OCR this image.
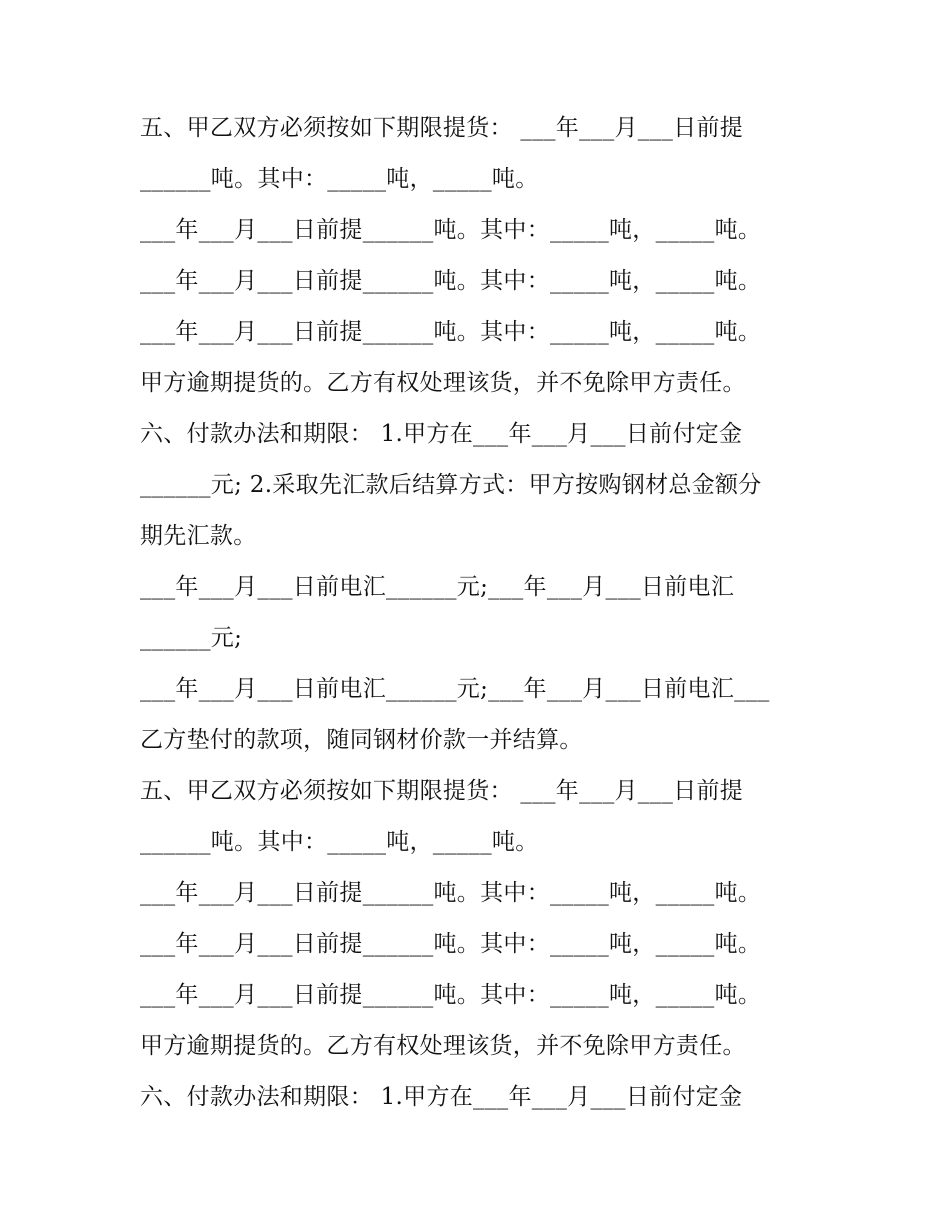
五、甲乙双方必须按如下期限提货： ___年___月___日前提
______吨。其中：_____吨，_____吨。
___年___月___日前提______吨。其中：_____吨，_____吨。
___年___月___日前提______吨。其中：_____吨，_____吨。
___年___月___日前提______吨。其中：_____吨，_____吨。
甲方逾期提货的。乙方有权处理该货，并不免除甲方责任。
六、付款办法和期限： 1.甲方在___年___月___日前付定金
______元; 2.采取先汇款后结算方式：甲方按购钢材总金额分
期先汇款。
___年___月___日前电汇______元;___年___月___日前电汇
______元;
___年___月___日前电汇______元;___年___月___日前电汇___
乙方垫付的款项，随同钢材价款一并结算。
五、甲乙双方必须按如下期限提货： ___年___月___日前提
______吨。其中：_____吨，_____吨。
___年___月___日前提______吨。其中：_____吨，_____吨。
___年___月___日前提______吨。其中：_____吨，_____吨。
___年___月___日前提______吨。其中：_____吨，_____吨。
甲方逾期提货的。乙方有权处理该货，并不免除甲方责任。
六、付款办法和期限： 1.甲方在___年___月___日前付定金
